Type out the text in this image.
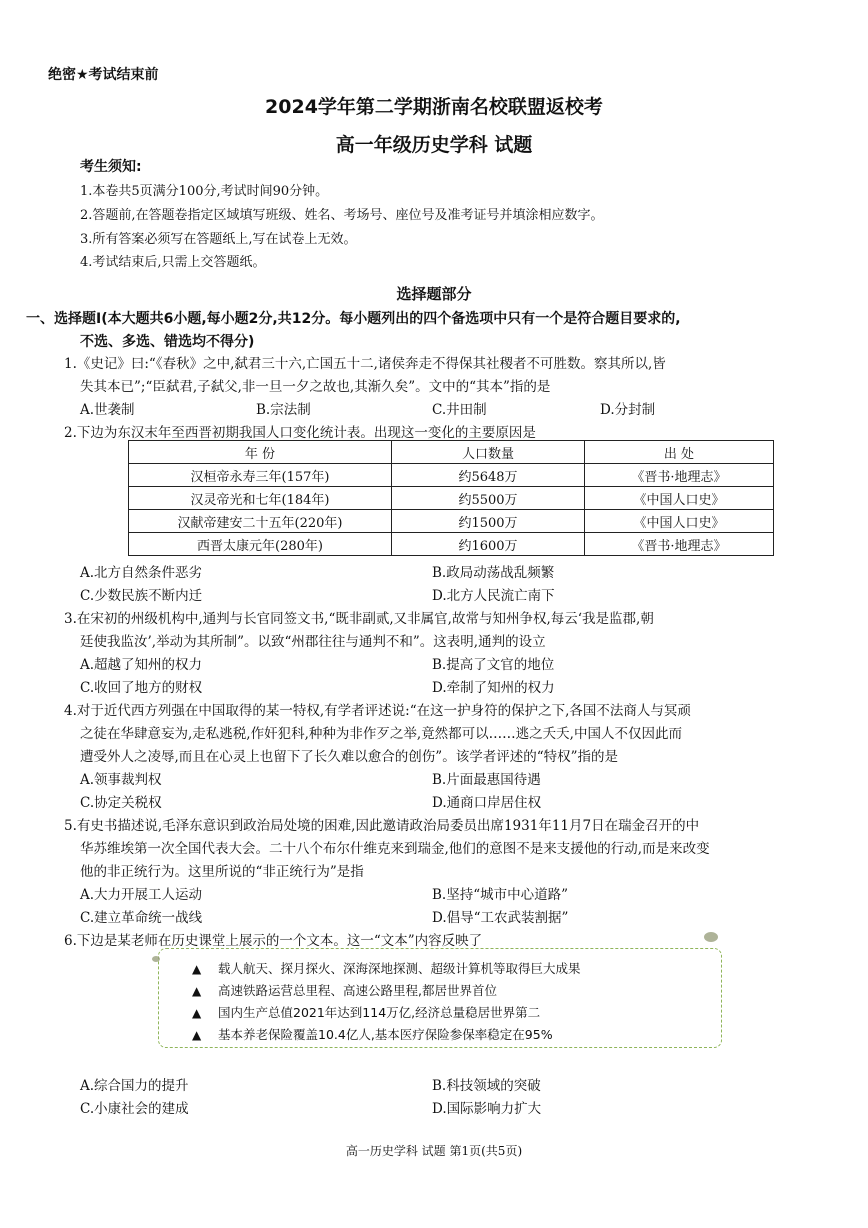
绝密★考试结束前
2024学年第二学期浙南名校联盟返校考
高一年级历史学科 试题
考生须知:
1.本卷共5页满分100分,考试时间90分钟。
2.答题前,在答题卷指定区域填写班级、姓名、考场号、座位号及准考证号并填涂相应数字。
3.所有答案必须写在答题纸上,写在试卷上无效。
4.考试结束后,只需上交答题纸。
选择题部分
一、选择题Ⅰ(本大题共6小题,每小题2分,共12分。每小题列出的四个备选项中只有一个是符合题目要求的,
不选、多选、错选均不得分)
1.《史记》曰:“《春秋》之中,弑君三十六,亡国五十二,诸侯奔走不得保其社稷者不可胜数。察其所以,皆
失其本已”;“臣弑君,子弑父,非一旦一夕之故也,其渐久矣”。文中的“其本”指的是
A.世袭制	B.宗法制	C.井田制	D.分封制
2.下边为东汉末年至西晋初期我国人口变化统计表。出现这一变化的主要原因是
年 份	人口数量	出 处
汉桓帝永寿三年(157年)	约5648万	《晋书·地理志》
汉灵帝光和七年(184年)	约5500万	《中国人口史》
汉献帝建安二十五年(220年)	约1500万	《中国人口史》
西晋太康元年(280年)	约1600万	《晋书·地理志》
A.北方自然条件恶劣	B.政局动荡战乱频繁
C.少数民族不断内迁	D.北方人民流亡南下
3.在宋初的州级机构中,通判与长官同签文书,“既非副贰,又非属官,故常与知州争权,每云‘我是监郡,朝
廷使我监汝’,举动为其所制”。以致“州郡往往与通判不和”。这表明,通判的设立
A.超越了知州的权力	B.提高了文官的地位
C.收回了地方的财权	D.牵制了知州的权力
4.对于近代西方列强在中国取得的某一特权,有学者评述说:“在这一护身符的保护之下,各国不法商人与冥顽
之徒在华肆意妄为,走私逃税,作奸犯科,种种为非作歹之举,竟然都可以……逃之夭夭,中国人不仅因此而
遭受外人之凌辱,而且在心灵上也留下了长久难以愈合的创伤”。该学者评述的“特权”指的是
A.领事裁判权	B.片面最惠国待遇
C.协定关税权	D.通商口岸居住权
5.有史书描述说,毛泽东意识到政治局处境的困难,因此邀请政治局委员出席1931年11月7日在瑞金召开的中
华苏维埃第一次全国代表大会。二十八个布尔什维克来到瑞金,他们的意图不是来支援他的行动,而是来改变
他的非正统行为。这里所说的“非正统行为”是指
A.大力开展工人运动	B.坚持“城市中心道路”
C.建立革命统一战线	D.倡导“工农武装割据”
6.下边是某老师在历史课堂上展示的一个文本。这一“文本”内容反映了
▲ 载人航天、探月探火、深海深地探测、超级计算机等取得巨大成果
▲ 高速铁路运营总里程、高速公路里程,都居世界首位
▲ 国内生产总值2021年达到114万亿,经济总量稳居世界第二
▲ 基本养老保险覆盖10.4亿人,基本医疗保险参保率稳定在95%
A.综合国力的提升	B.科技领域的突破
C.小康社会的建成	D.国际影响力扩大
高一历史学科 试题 第1页(共5页)
